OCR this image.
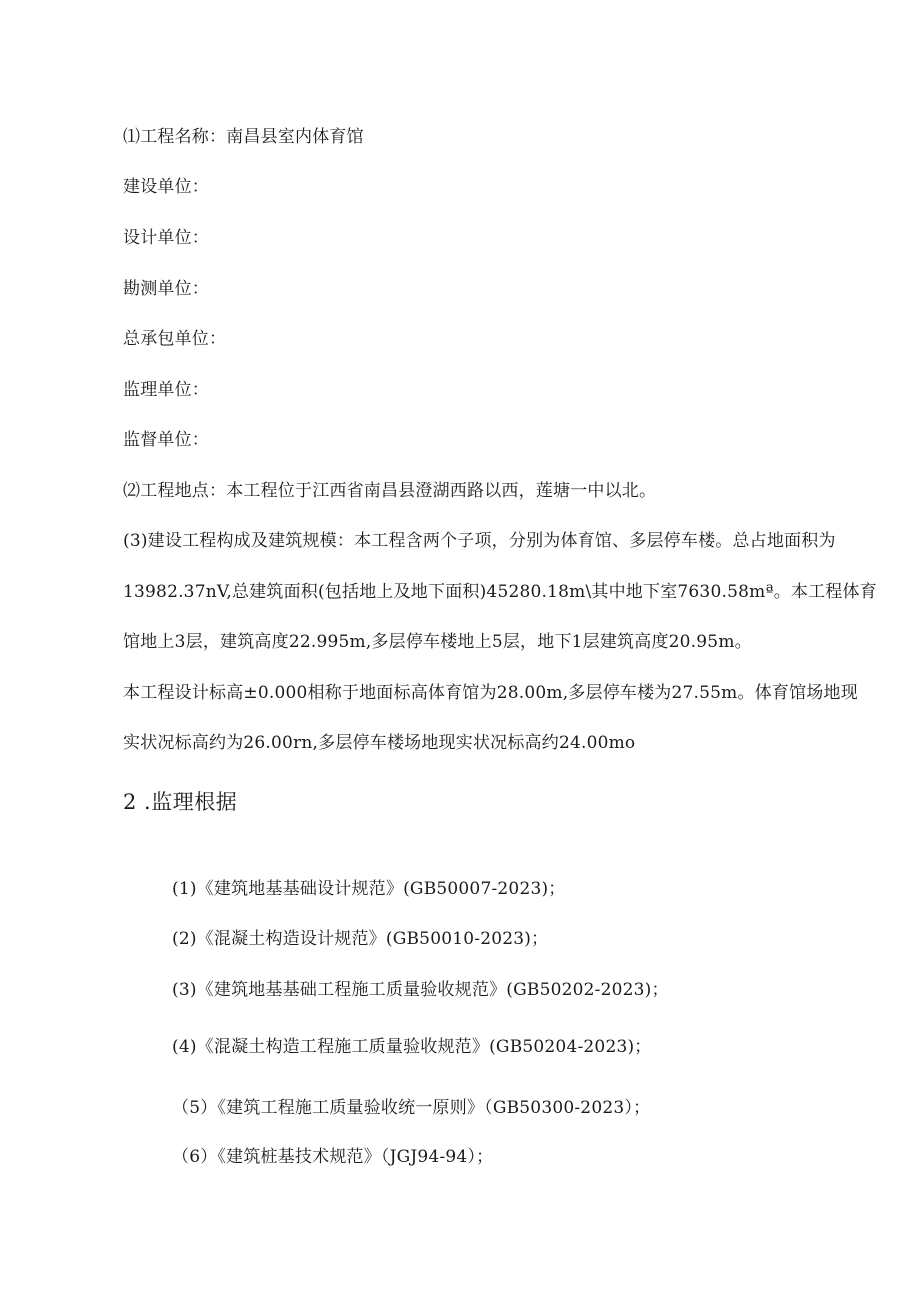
⑴工程名称：南昌县室内体育馆
建设单位：
设计单位：
勘测单位：
总承包单位：
监理单位：
监督单位：
⑵工程地点：本工程位于江西省南昌县澄湖西路以西，莲塘一中以北。
(3)建设工程构成及建筑规模：本工程含两个子项，分别为体育馆、多层停车楼。总占地面积为
13982.37nV,总建筑面积(包括地上及地下面积)45280.18m\其中地下室7630.58mª。本工程体育
馆地上3层，建筑高度22.995m,多层停车楼地上5层，地下1层建筑高度20.95m。
本工程设计标高±0.000相称于地面标高体育馆为28.00m,多层停车楼为27.55m。体育馆场地现
实状况标高约为26.00rn,多层停车楼场地现实状况标高约24.00mo
2 .监理根据
(1)《建筑地基基础设计规范》(GB50007-2023)；
(2)《混凝土构造设计规范》(GB50010-2023)；
(3)《建筑地基基础工程施工质量验收规范》(GB50202-2023)；
(4)《混凝土构造工程施工质量验收规范》(GB50204-2023)；
（5）《建筑工程施工质量验收统一原则》（GB50300-2023）；
（6）《建筑桩基技术规范》（JGJ94-94）；
